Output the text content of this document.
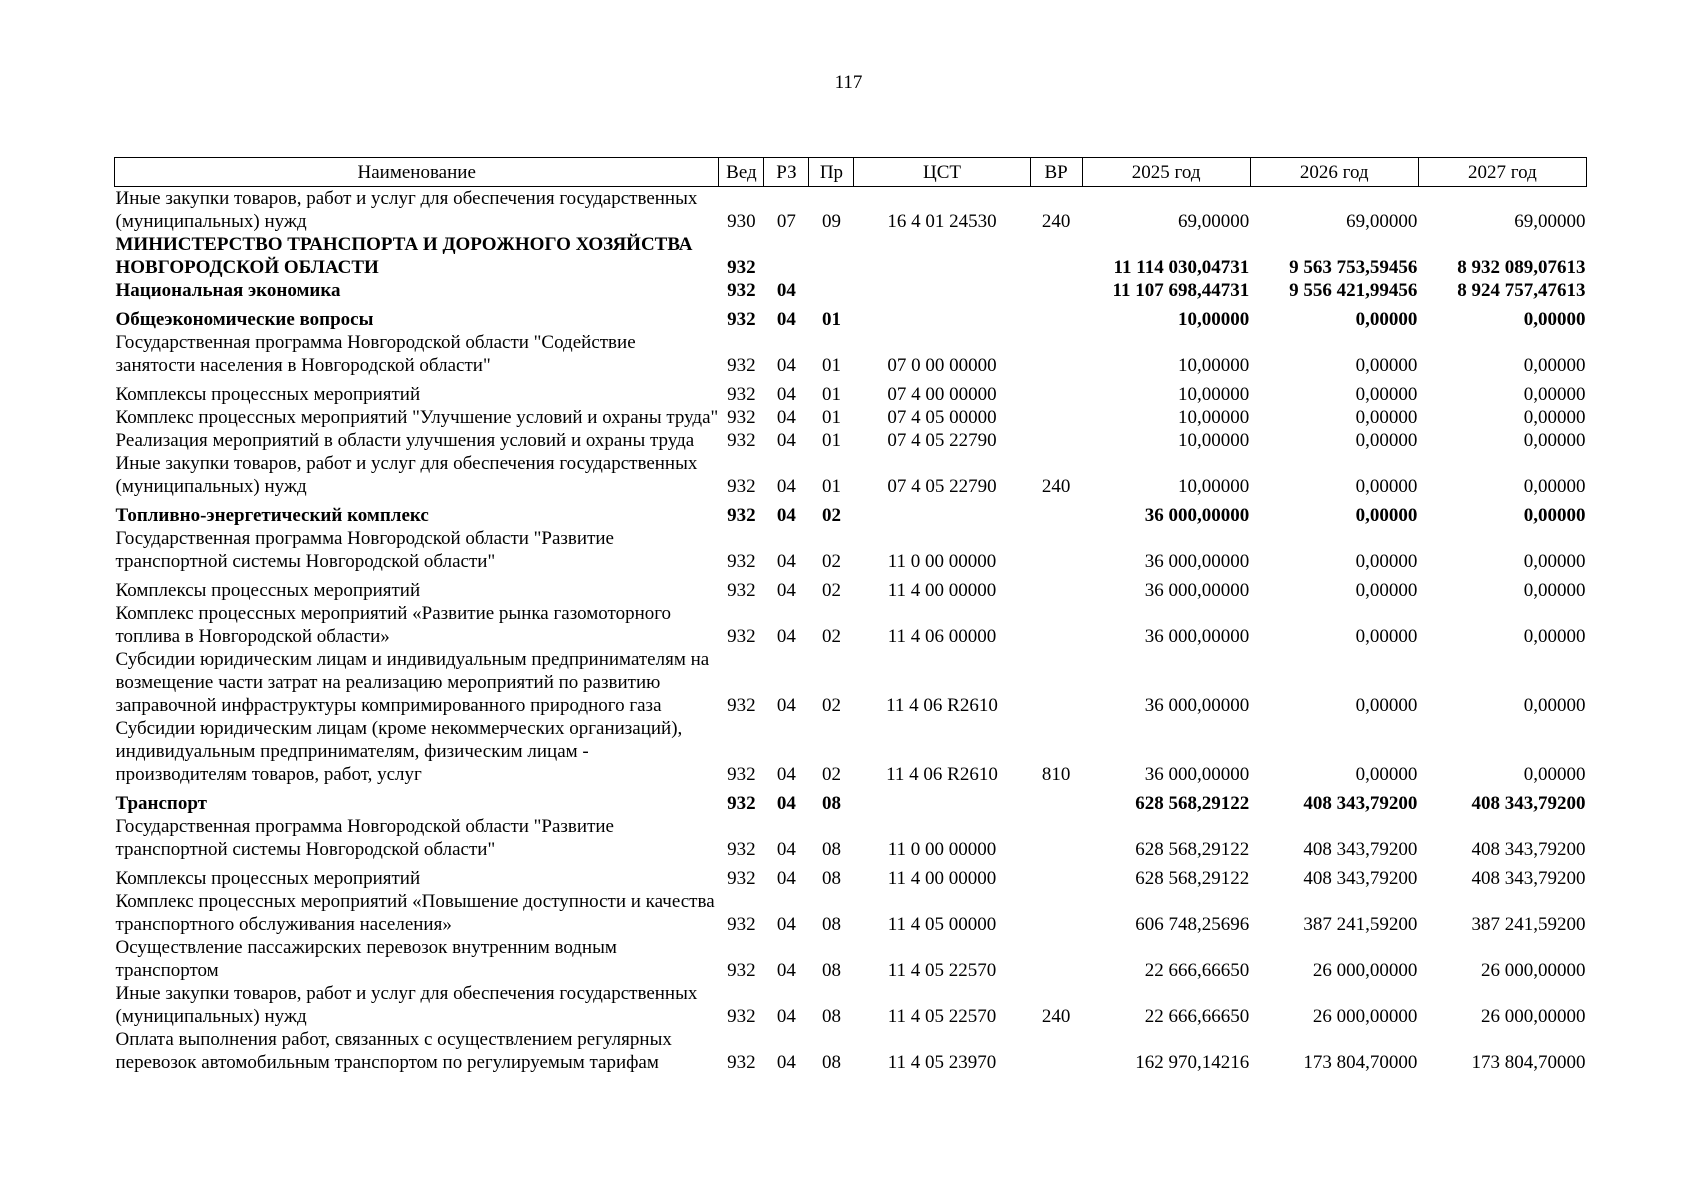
117
Наименование	Вед	РЗ	Пр	ЦСТ	ВР	2025 год	2026 год	2027 год
Иные закупки товаров, работ и услуг для обеспечения государственных (муниципальных) нужд	930	07	09	16 4 01 24530	240	69,00000	69,00000	69,00000
МИНИСТЕРСТВО ТРАНСПОРТА И ДОРОЖНОГО ХОЗЯЙСТВА НОВГОРОДСКОЙ ОБЛАСТИ	932					11 114 030,04731	9 563 753,59456	8 932 089,07613
Национальная экономика	932	04				11 107 698,44731	9 556 421,99456	8 924 757,47613
Общеэкономические вопросы	932	04	01			10,00000	0,00000	0,00000
Государственная программа Новгородской области "Содействие занятости населения в Новгородской области"	932	04	01	07 0 00 00000		10,00000	0,00000	0,00000
Комплексы процессных мероприятий	932	04	01	07 4 00 00000		10,00000	0,00000	0,00000
Комплекс процессных мероприятий "Улучшение условий и охраны труда"	932	04	01	07 4 05 00000		10,00000	0,00000	0,00000
Реализация мероприятий в области улучшения условий и охраны труда	932	04	01	07 4 05 22790		10,00000	0,00000	0,00000
Иные закупки товаров, работ и услуг для обеспечения государственных (муниципальных) нужд	932	04	01	07 4 05 22790	240	10,00000	0,00000	0,00000
Топливно-энергетический комплекс	932	04	02			36 000,00000	0,00000	0,00000
Государственная программа Новгородской области "Развитие транспортной системы Новгородской области"	932	04	02	11 0 00 00000		36 000,00000	0,00000	0,00000
Комплексы процессных мероприятий	932	04	02	11 4 00 00000		36 000,00000	0,00000	0,00000
Комплекс процессных мероприятий «Развитие рынка газомоторного топлива в Новгородской области»	932	04	02	11 4 06 00000		36 000,00000	0,00000	0,00000
Субсидии юридическим лицам и индивидуальным предпринимателям на возмещение части затрат на реализацию мероприятий по развитию заправочной инфраструктуры компримированного природного газа	932	04	02	11 4 06 R2610		36 000,00000	0,00000	0,00000
Субсидии юридическим лицам (кроме некоммерческих организаций), индивидуальным предпринимателям, физическим лицам - производителям товаров, работ, услуг	932	04	02	11 4 06 R2610	810	36 000,00000	0,00000	0,00000
Транспорт	932	04	08			628 568,29122	408 343,79200	408 343,79200
Государственная программа Новгородской области "Развитие транспортной системы Новгородской области"	932	04	08	11 0 00 00000		628 568,29122	408 343,79200	408 343,79200
Комплексы процессных мероприятий	932	04	08	11 4 00 00000		628 568,29122	408 343,79200	408 343,79200
Комплекс процессных мероприятий «Повышение доступности и качества транспортного обслуживания населения»	932	04	08	11 4 05 00000		606 748,25696	387 241,59200	387 241,59200
Осуществление пассажирских перевозок внутренним водным транспортом	932	04	08	11 4 05 22570		22 666,66650	26 000,00000	26 000,00000
Иные закупки товаров, работ и услуг для обеспечения государственных (муниципальных) нужд	932	04	08	11 4 05 22570	240	22 666,66650	26 000,00000	26 000,00000
Оплата выполнения работ, связанных с осуществлением регулярных перевозок автомобильным транспортом по регулируемым тарифам	932	04	08	11 4 05 23970		162 970,14216	173 804,70000	173 804,70000
